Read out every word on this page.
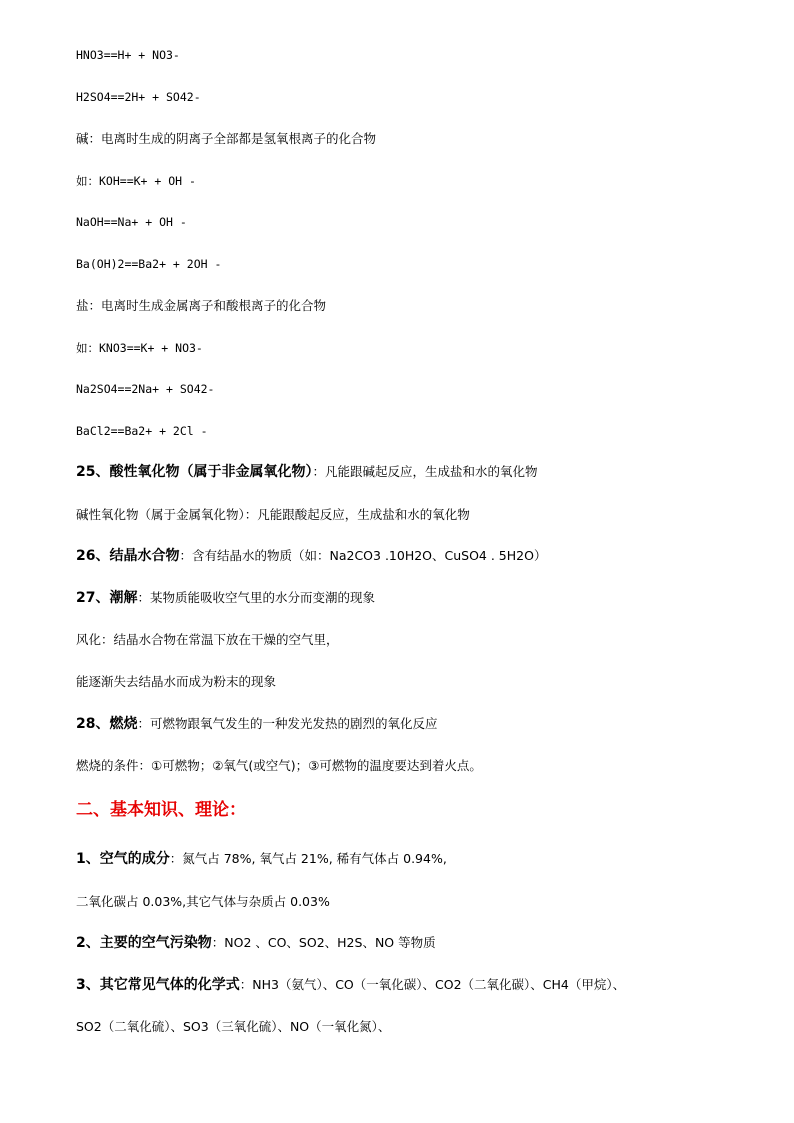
HNO3==H+ + NO3-
H2SO4==2H+ + SO42-
碱：电离时生成的阴离子全部都是氢氧根离子的化合物
如：KOH==K+ + OH -
NaOH==Na+ + OH -
Ba(OH)2==Ba2+ + 2OH -
盐：电离时生成金属离子和酸根离子的化合物
如：KNO3==K+ + NO3-
Na2SO4==2Na+ + SO42-
BaCl2==Ba2+ + 2Cl -
25、酸性氧化物（属于非金属氧化物）：凡能跟碱起反应，生成盐和水的氧化物
碱性氧化物（属于金属氧化物）：凡能跟酸起反应，生成盐和水的氧化物
26、结晶水合物：含有结晶水的物质（如：Na2CO3 .10H2O、CuSO4 . 5H2O）
27、潮解：某物质能吸收空气里的水分而变潮的现象
风化：结晶水合物在常温下放在干燥的空气里，
能逐渐失去结晶水而成为粉末的现象
28、燃烧：可燃物跟氧气发生的一种发光发热的剧烈的氧化反应
燃烧的条件：①可燃物；②氧气(或空气)；③可燃物的温度要达到着火点。
二、基本知识、理论：
1、空气的成分：氮气占 78%, 氧气占 21%, 稀有气体占 0.94%,
二氧化碳占 0.03%,其它气体与杂质占 0.03%
2、主要的空气污染物：NO2 、CO、SO2、H2S、NO 等物质
3、其它常见气体的化学式：NH3（氨气）、CO（一氧化碳）、CO2（二氧化碳）、CH4（甲烷）、
SO2（二氧化硫）、SO3（三氧化硫）、NO（一氧化氮）、
